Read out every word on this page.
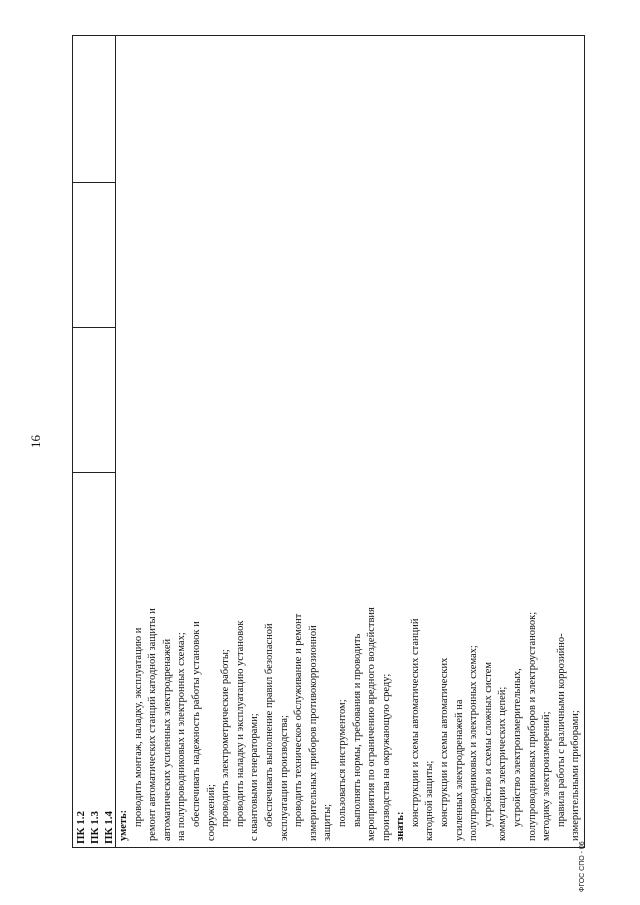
16
ФГОС СПО - 06
ПК 1.2 ПК 1.3 ПК 1.4

уметь: проводить монтаж, наладку, эксплуатацию и ремонт автоматических станций катодной защиты и автоматических усиленных электродренажей на полупроводниковых и электронных схемах; обеспечивать надежность работы установок и сооружений; проводить электрометрические работы; проводить наладку и эксплуатацию установок с квантовыми генераторами; обеспечивать выполнение правил безопасной эксплуатации производства; проводить техническое обслуживание и ремонт измерительных приборов противокоррозионной защиты; пользоваться инструментом; выполнять нормы, требования и проводить мероприятия по ограничению вредного воздействия производства на окружающую среду; знать: конструкции и схемы автоматических станций катодной защиты; конструкции и схемы автоматических усиленных электродренажей на полупроводниковых и электронных схемах; устройство и схемы сложных систем коммутации электрических цепей; устройство электроизмерительных, полупроводниковых приборов и электроустановок; методику электроизмерений; правила работы с различными коррозийно- измерительными приборами;
